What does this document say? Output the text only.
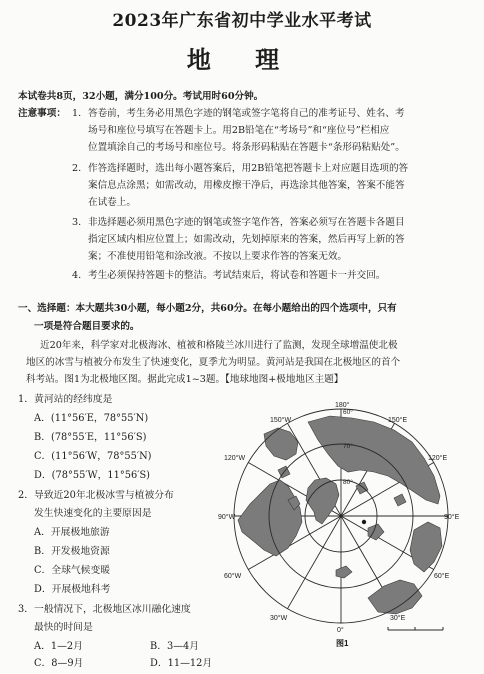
2023年广东省初中学业水平考试
地 理
本试卷共8页，32小题，满分100分。考试用时60分钟。
注意事项： 1. 答卷前，考生务必用黑色字迹的钢笔或签字笔将自己的准考证号、姓名、考
场号和座位号填写在答题卡上。用2B铅笔在“考场号”和“座位号”栏相应
位置填涂自己的考场号和座位号。将条形码粘贴在答题卡“条形码粘贴处”。
2. 作答选择题时，选出每小题答案后，用2B铅笔把答题卡上对应题目选项的答
案信息点涂黑；如需改动，用橡皮擦干净后，再选涂其他答案，答案不能答
在试卷上。
3. 非选择题必须用黑色字迹的钢笔或签字笔作答，答案必须写在答题卡各题目
指定区域内相应位置上；如需改动，先划掉原来的答案，然后再写上新的答
案；不准使用铅笔和涂改液。不按以上要求作答的答案无效。
4. 考生必须保持答题卡的整洁。考试结束后，将试卷和答题卡一并交回。
一、选择题：本大题共30小题，每小题2分，共60分。在每小题给出的四个选项中，只有
一项是符合题目要求的。
近20年来，科学家对北极海冰、植被和格陵兰冰川进行了监测，发现全球增温使北极
地区的冰雪与植被分布发生了快速变化，夏季尤为明显。黄河站是我国在北极地区的首个
科考站。图1为北极地区图。据此完成1~3题。【地球地图+极地地区主题】
1．黄河站的经纬度是
A．(11°56′E，78°55′N)
B．(78°55′E，11°56′S)
C．(11°56′W，78°55′N)
D．(78°55′W，11°56′S)
2．导致近20年北极冰雪与植被分布
发生快速变化的主要原因是
A．开展极地旅游
B．开发极地资源
C．全球气候变暖
D．开展极地科考
3．一般情况下，北极地区冰川融化速度
最快的时间是
A．1—2月	B．3—4月
C．8—9月	D．11—12月
180°
150°W	150°E
120°W	120°E
90°W	90°E
60°W	60°E
30°W	30°E
0°
80°
70°
60°
图1
